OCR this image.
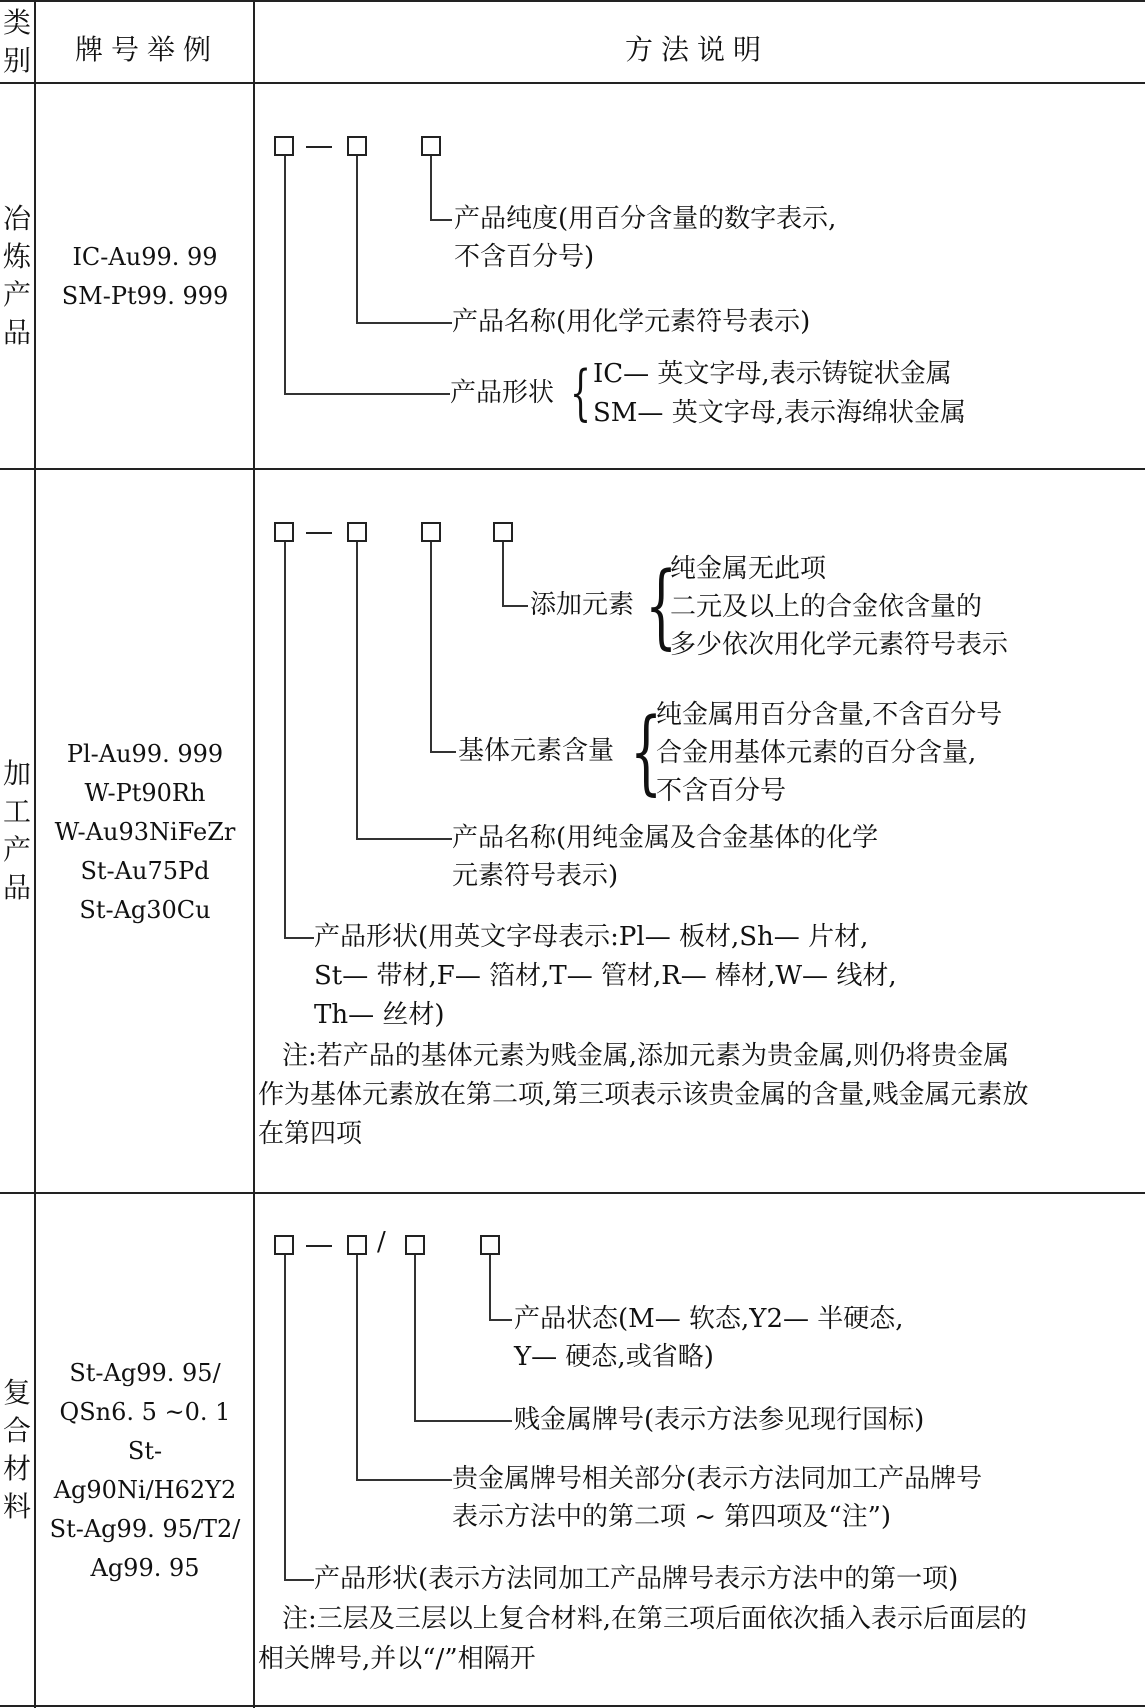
类
别 牌号举例	方法说明
冶
炼
产
品
IC-Au99. 99
SM-Pt99. 999
产品纯度(用百分含量的数字表示,
不含百分号)
产品名称(用化学元素符号表示)
产品形状 { IC— 英文字母,表示铸锭状金属
SM— 英文字母,表示海绵状金属
加
工
产
品
Pl-Au99. 999
W-Pt90Rh
W-Au93NiFeZr
St-Au75Pd
St-Ag30Cu
添加元素 {
纯金属无此项
二元及以上的合金依含量的
多少依次用化学元素符号表示
基体元素含量 {
纯金属用百分含量,不含百分号
合金用基体元素的百分含量,
不含百分号
产品名称(用纯金属及合金基体的化学
元素符号表示)
产品形状(用英文字母表示:Pl— 板材,Sh— 片材,
St— 带材,F— 箔材,T— 管材,R— 棒材,W— 线材,
Th— 丝材)
注:若产品的基体元素为贱金属,添加元素为贵金属,则仍将贵金属
作为基体元素放在第二项,第三项表示该贵金属的含量,贱金属元素放
在第四项
复
合
材
料
St-Ag99. 95/
QSn6. 5 ~0. 1
St-Ag90Ni/H62Y2
St-Ag99. 95/T2/
Ag99. 95
/
产品状态(M— 软态,Y2— 半硬态,
Y— 硬态,或省略)
贱金属牌号(表示方法参见现行国标)
贵金属牌号相关部分(表示方法同加工产品牌号
表示方法中的第二项 ~ 第四项及“注”)
产品形状(表示方法同加工产品牌号表示方法中的第一项)
注:三层及三层以上复合材料,在第三项后面依次插入表示后面层的
相关牌号,并以“/”相隔开
